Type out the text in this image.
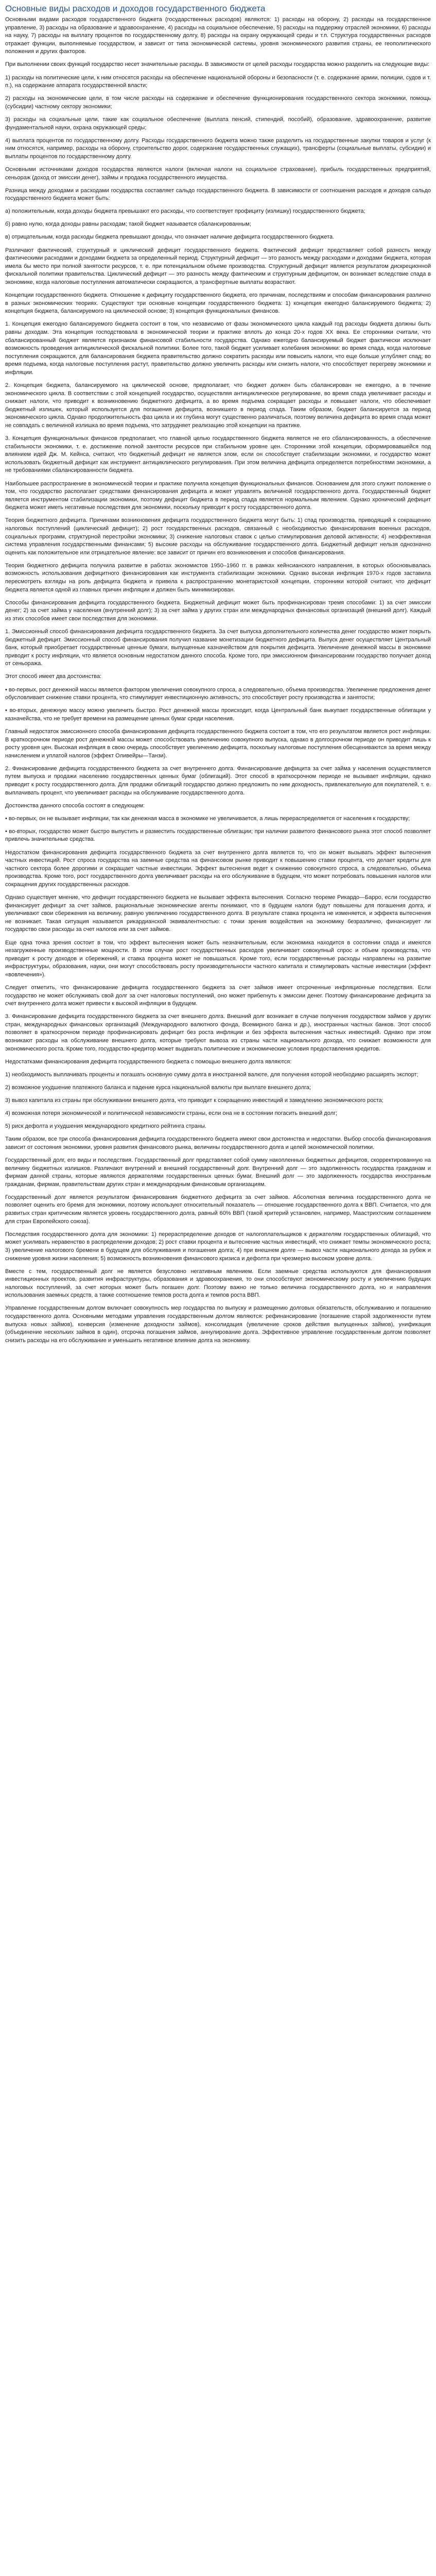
Основные виды расходов и доходов государственного бюджета

Основными видами расходов государственного бюджета (государственных расходов) являются: 1) расходы на оборону, 2) расходы на государственное управление, 3) расходы на образование и здравоохранение, 4) расходы на социальное обеспечение, 5) расходы на поддержку отраслей экономики, 6) расходы на науку, 7) расходы на выплату процентов по государственному долгу, 8) расходы на охрану окружающей среды и т.п. Структура государственных расходов отражает функции, выполняемые государством, и зависит от типа экономической системы, уровня экономического развития страны, ее геополитического положения и других факторов.

При выполнении своих функций государство несет значительные расходы. В зависимости от целей расходы государства можно разделить на следующие виды:

1) расходы на политические цели, к ним относятся расходы на обеспечение национальной обороны и безопасности (т. е. содержание армии, полиции, судов и т. п.), на содержание аппарата государственной власти;

2) расходы на экономические цели, в том числе расходы на содержание и обеспечение функционирования государственного сектора экономики, помощь (субсидии) частному сектору экономики;

3) расходы на социальные цели, такие как социальное обеспечение (выплата пенсий, стипендий, пособий), образование, здравоохранение, развитие фундаментальной науки, охрана окружающей среды;

4) выплата процентов по государственному долгу. Расходы государственного бюджета можно также разделить на государственные закупки товаров и услуг (к ним относятся, например, расходы на оборону, строительство дорог, содержание государственных служащих), трансферты (социальные выплаты, субсидии) и выплаты процентов по государственному долгу.

Основными источниками доходов государства являются налоги (включая налоги на социальное страхование), прибыль государственных предприятий, сеньораж (доход от эмиссии денег), займы и продажа государственного имущества.

Разница между доходами и расходами государства составляет сальдо государственного бюджета. В зависимости от соотношения расходов и доходов сальдо государственного бюджета может быть:

а) положительным, когда доходы бюджета превышают его расходы, что соответствует профициту (излишку) государственного бюджета;

б) равно нулю, когда доходы равны расходам; такой бюджет называется сбалансированным;

в) отрицательным, когда расходы бюджета превышают доходы, что означает наличие дефицита государственного бюджета.

Различают фактический, структурный и циклический дефицит государственного бюджета. Фактический дефицит представляет собой разность между фактическими расходами и доходами бюджета за определенный период. Структурный дефицит — это разность между расходами и доходами бюджета, которая имела бы место при полной занятости ресурсов, т. е. при потенциальном объеме производства. Структурный дефицит является результатом дискреционной фискальной политики правительства. Циклический дефицит — это разность между фактическим и структурным дефицитом, он возникает вследствие спада в экономике, когда налоговые поступления автоматически сокращаются, а трансфертные выплаты возрастают.

Концепции государственного бюджета. Отношение к дефициту государственного бюджета, его причинам, последствиям и способам финансирования различно в разных экономических теориях. Существуют три основные концепции государственного бюджета: 1) концепция ежегодно балансируемого бюджета; 2) концепция бюджета, балансируемого на циклической основе; 3) концепция функциональных финансов.

1. Концепция ежегодно балансируемого бюджета состоит в том, что независимо от фазы экономического цикла каждый год расходы бюджета должны быть равны доходам. Эта концепция господствовала в экономической теории и практике вплоть до конца 20-х годов XX века. Ее сторонники считали, что сбалансированный бюджет является признаком финансовой стабильности государства. Однако ежегодно балансируемый бюджет фактически исключает возможность проведения антициклической фискальной политики. Более того, такой бюджет усиливает колебания экономики: во время спада, когда налоговые поступления сокращаются, для балансирования бюджета правительство должно сократить расходы или повысить налоги, что еще больше углубляет спад; во время подъема, когда налоговые поступления растут, правительство должно увеличить расходы или снизить налоги, что способствует перегреву экономики и инфляции.

2. Концепция бюджета, балансируемого на циклической основе, предполагает, что бюджет должен быть сбалансирован не ежегодно, а в течение экономического цикла. В соответствии с этой концепцией государство, осуществляя антициклическое регулирование, во время спада увеличивает расходы и снижает налоги, что приводит к возникновению бюджетного дефицита, а во время подъема сокращает расходы и повышает налоги, что обеспечивает бюджетный излишек, который используется для погашения дефицита, возникшего в период спада. Таким образом, бюджет балансируется за период экономического цикла. Однако продолжительность фаз цикла и их глубина могут существенно различаться, поэтому величина дефицита во время спада может не совпадать с величиной излишка во время подъема, что затрудняет реализацию этой концепции на практике.

3. Концепция функциональных финансов предполагает, что главной целью государственного бюджета является не его сбалансированность, а обеспечение стабильности экономики, т. е. достижение полной занятости ресурсов при стабильном уровне цен. Сторонники этой концепции, сформировавшейся под влиянием идей Дж. М. Кейнса, считают, что бюджетный дефицит не является злом, если он способствует стабилизации экономики, и государство может использовать бюджетный дефицит как инструмент антициклического регулирования. При этом величина дефицита определяется потребностями экономики, а не требованиями сбалансированности бюджета.

Наибольшее распространение в экономической теории и практике получила концепция функциональных финансов. Основанием для этого служит положение о том, что государство располагает средствами финансирования дефицита и может управлять величиной государственного долга. Государственный бюджет является инструментом стабилизации экономики, поэтому дефицит бюджета в период спада является нормальным явлением. Однако хронический дефицит бюджета может иметь негативные последствия для экономики, поскольку приводит к росту государственного долга.

Теория бюджетного дефицита. Причинами возникновения дефицита государственного бюджета могут быть: 1) спад производства, приводящий к сокращению налоговых поступлений (циклический дефицит); 2) рост государственных расходов, связанный с необходимостью финансирования военных расходов, социальных программ, структурной перестройки экономики; 3) снижение налоговых ставок с целью стимулирования деловой активности; 4) неэффективная система управления государственными финансами; 5) высокие расходы на обслуживание государственного долга. Бюджетный дефицит нельзя однозначно оценить как положительное или отрицательное явление: все зависит от причин его возникновения и способов финансирования.

Теория бюджетного дефицита получила развитие в работах экономистов 1950–1960 гг. в рамках кейнсианского направления, в которых обосновывалась возможность использования дефицитного финансирования как инструмента стабилизации экономики. Однако высокая инфляция 1970-х годов заставила пересмотреть взгляды на роль дефицита бюджета и привела к распространению монетаристской концепции, сторонники которой считают, что дефицит бюджета является одной из главных причин инфляции и должен быть минимизирован.

Способы финансирования дефицита государственного бюджета. Бюджетный дефицит может быть профинансирован тремя способами: 1) за счет эмиссии денег; 2) за счет займа у населения (внутренний долг); 3) за счет займа у других стран или международных финансовых организаций (внешний долг). Каждый из этих способов имеет свои последствия для экономики.

1. Эмиссионный способ финансирования дефицита государственного бюджета. За счет выпуска дополнительного количества денег государство может покрыть бюджетный дефицит. Эмиссионный способ финансирования получил название монетизации бюджетного дефицита. Выпуск денег осуществляет Центральный банк, который приобретает государственные ценные бумаги, выпущенные казначейством для покрытия дефицита. Увеличение денежной массы в экономике приводит к росту инфляции, что является основным недостатком данного способа. Кроме того, при эмиссионном финансировании государство получает доход от сеньоража.

Этот способ имеет два достоинства:

• во-первых, рост денежной массы является фактором увеличения совокупного спроса, а следовательно, объема производства. Увеличение предложения денег обусловливает снижение ставки процента, что стимулирует инвестиционную активность; это способствует росту производства и занятости;

• во-вторых, денежную массу можно увеличить быстро. Рост денежной массы происходит, когда Центральный банк выкупает государственные облигации у казначейства, что не требует времени на размещение ценных бумаг среди населения.

Главный недостаток эмиссионного способа финансирования дефицита государственного бюджета состоит в том, что его результатом является рост инфляции. В краткосрочном периоде рост денежной массы может способствовать увеличению совокупного выпуска, однако в долгосрочном периоде он приводит лишь к росту уровня цен. Высокая инфляция в свою очередь способствует увеличению дефицита, поскольку налоговые поступления обесцениваются за время между начислением и уплатой налогов (эффект Оливейры—Танзи).

2. Финансирование дефицита государственного бюджета за счет внутреннего долга. Финансирование дефицита за счет займа у населения осуществляется путем выпуска и продажи населению государственных ценных бумаг (облигаций). Этот способ в краткосрочном периоде не вызывает инфляции, однако приводит к росту государственного долга. Для продажи облигаций государство должно предложить по ним доходность, привлекательную для покупателей, т. е. выплачивать процент, что увеличивает расходы на обслуживание государственного долга.

Достоинства данного способа состоят в следующем:

• во-первых, он не вызывает инфляции, так как денежная масса в экономике не увеличивается, а лишь перераспределяется от населения к государству;

• во-вторых, государство может быстро выпустить и разместить государственные облигации; при наличии развитого финансового рынка этот способ позволяет привлечь значительные средства.

Недостатком финансирования дефицита государственного бюджета за счет внутреннего долга является то, что он может вызывать эффект вытеснения частных инвестиций. Рост спроса государства на заемные средства на финансовом рынке приводит к повышению ставки процента, что делает кредиты для частного сектора более дорогими и сокращает частные инвестиции. Эффект вытеснения ведет к снижению совокупного спроса, а следовательно, объема производства. Кроме того, рост государственного долга увеличивает расходы на его обслуживание в будущем, что может потребовать повышения налогов или сокращения других государственных расходов.

Однако существует мнение, что дефицит государственного бюджета не вызывает эффекта вытеснения. Согласно теореме Рикардо—Барро, если государство финансирует дефицит за счет займов, рациональные экономические агенты понимают, что в будущем налоги будут повышены для погашения долга, и увеличивают свои сбережения на величину, равную увеличению государственного долга. В результате ставка процента не изменяется, и эффекта вытеснения не возникает. Такая ситуация называется рикардианской эквивалентностью: с точки зрения воздействия на экономику безразлично, финансирует ли государство свои расходы за счет налогов или за счет займов.

Еще одна точка зрения состоит в том, что эффект вытеснения может быть незначительным, если экономика находится в состоянии спада и имеются незагруженные производственные мощности. В этом случае рост государственных расходов увеличивает совокупный спрос и объем производства, что приводит к росту доходов и сбережений, и ставка процента может не повышаться. Кроме того, если государственные расходы направлены на развитие инфраструктуры, образования, науки, они могут способствовать росту производительности частного капитала и стимулировать частные инвестиции (эффект «вовлечения»).

Следует отметить, что финансирование дефицита государственного бюджета за счет займов имеет отсроченные инфляционные последствия. Если государство не может обслуживать свой долг за счет налоговых поступлений, оно может прибегнуть к эмиссии денег. Поэтому финансирование дефицита за счет внутреннего долга может привести к высокой инфляции в будущем.

3. Финансирование дефицита государственного бюджета за счет внешнего долга. Внешний долг возникает в случае получения государством займов у других стран, международных финансовых организаций (Международного валютного фонда, Всемирного банка и др.), иностранных частных банков. Этот способ позволяет в краткосрочном периоде профинансировать дефицит без роста инфляции и без эффекта вытеснения частных инвестиций. Однако при этом возникают расходы на обслуживание внешнего долга, которые требуют вывоза из страны части национального дохода, что снижает возможности для экономического роста. Кроме того, государство-кредитор может выдвигать политические и экономические условия предоставления кредитов.

Недостатками финансирования дефицита государственного бюджета с помощью внешнего долга являются:

1) необходимость выплачивать проценты и погашать основную сумму долга в иностранной валюте, для получения которой необходимо расширять экспорт;

2) возможное ухудшение платежного баланса и падение курса национальной валюты при выплате внешнего долга;

3) вывоз капитала из страны при обслуживании внешнего долга, что приводит к сокращению инвестиций и замедлению экономического роста;

4) возможная потеря экономической и политической независимости страны, если она не в состоянии погасить внешний долг;

5) риск дефолта и ухудшения международного кредитного рейтинга страны.

Таким образом, все три способа финансирования дефицита государственного бюджета имеют свои достоинства и недостатки. Выбор способа финансирования зависит от состояния экономики, уровня развития финансового рынка, величины государственного долга и целей экономической политики.

Государственный долг, его виды и последствия. Государственный долг представляет собой сумму накопленных бюджетных дефицитов, скорректированную на величину бюджетных излишков. Различают внутренний и внешний государственный долг. Внутренний долг — это задолженность государства гражданам и фирмам данной страны, которые являются держателями государственных ценных бумаг. Внешний долг — это задолженность государства иностранным гражданам, фирмам, правительствам других стран и международным финансовым организациям.

Государственный долг является результатом финансирования бюджетного дефицита за счет займов. Абсолютная величина государственного долга не позволяет оценить его бремя для экономики, поэтому используют относительный показатель — отношение государственного долга к ВВП. Считается, что для развитых стран критическим является уровень государственного долга, равный 60% ВВП (такой критерий установлен, например, Маастрихтским соглашением для стран Европейского союза).

Последствия государственного долга для экономики: 1) перераспределение доходов от налогоплательщиков к держателям государственных облигаций, что может усиливать неравенство в распределении доходов; 2) рост ставки процента и вытеснение частных инвестиций, что снижает темпы экономического роста; 3) увеличение налогового бремени в будущем для обслуживания и погашения долга; 4) при внешнем долге — вывоз части национального дохода за рубеж и снижение уровня жизни населения; 5) возможность возникновения финансового кризиса и дефолта при чрезмерно высоком уровне долга.

Вместе с тем, государственный долг не является безусловно негативным явлением. Если заемные средства используются для финансирования инвестиционных проектов, развития инфраструктуры, образования и здравоохранения, то они способствуют экономическому росту и увеличению будущих налоговых поступлений, за счет которых может быть погашен долг. Поэтому важно не только величина государственного долга, но и направления использования заемных средств, а также соотношение темпов роста долга и темпов роста ВВП.

Управление государственным долгом включает совокупность мер государства по выпуску и размещению долговых обязательств, обслуживанию и погашению государственного долга. Основными методами управления государственным долгом являются: рефинансирование (погашение старой задолженности путем выпуска новых займов), конверсия (изменение доходности займов), консолидация (увеличение сроков действия выпущенных займов), унификация (объединение нескольких займов в один), отсрочка погашения займов, аннулирование долга. Эффективное управление государственным долгом позволяет снизить расходы на его обслуживание и уменьшить негативное влияние долга на экономику.
